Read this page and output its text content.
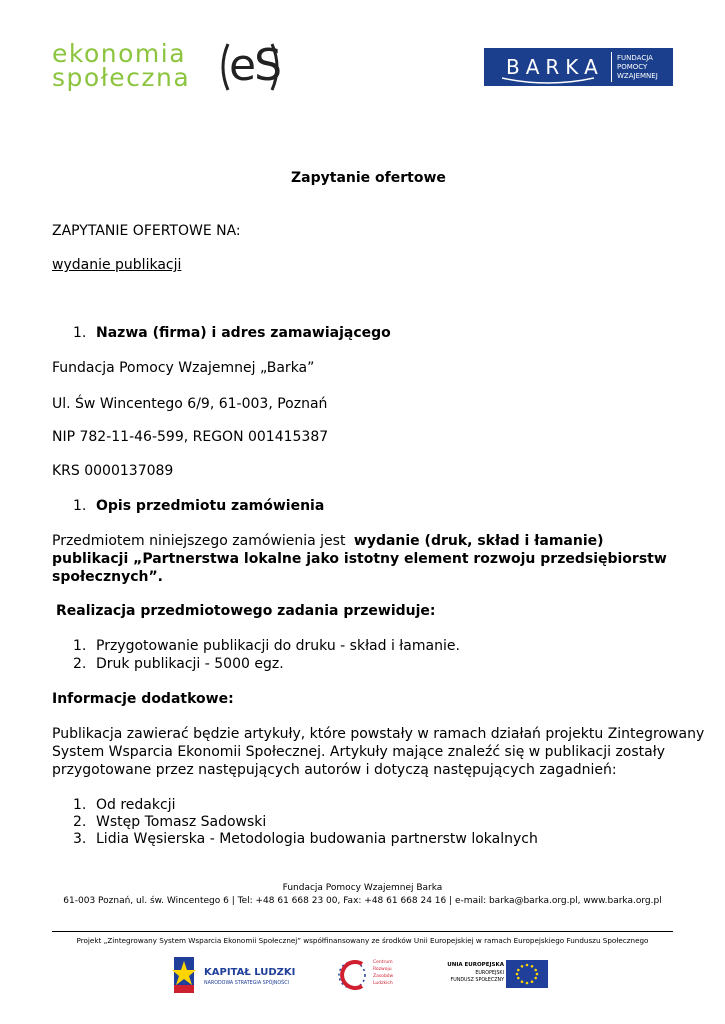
ekonomia
społeczna eS	BARKA FUNDACJA
POMOCY
WZAJEMNEJ
Zapytanie ofertowe
ZAPYTANIE OFERTOWE NA:
wydanie publikacji
1. Nazwa (firma) i adres zamawiającego
Fundacja Pomocy Wzajemnej „Barka”
Ul. Św Wincentego 6/9, 61-003, Poznań
NIP 782-11-46-599, REGON 001415387
KRS 0000137089
1. Opis przedmiotu zamówienia
Przedmiotem niniejszego zamówienia jest wydanie (druk, skład i łamanie)
publikacji „Partnerstwa lokalne jako istotny element rozwoju przedsiębiorstw
społecznych”.
Realizacja przedmiotowego zadania przewiduje:
1. Przygotowanie publikacji do druku - skład i łamanie.
2. Druk publikacji - 5000 egz.
Informacje dodatkowe:
Publikacja zawierać będzie artykuły, które powstały w ramach działań projektu Zintegrowany
System Wsparcia Ekonomii Społecznej. Artykuły mające znaleźć się w publikacji zostały
przygotowane przez następujących autorów i dotyczą następujących zagadnień:
1. Od redakcji
2. Wstęp Tomasz Sadowski
3. Lidia Węsierska - Metodologia budowania partnerstw lokalnych
Fundacja Pomocy Wzajemnej Barka
61-003 Poznań, ul. św. Wincentego 6 | Tel: +48 61 668 23 00, Fax: +48 61 668 24 16 | e-mail: barka@barka.org.pl, www.barka.org.pl
Projekt „Zintegrowany System Wsparcia Ekonomii Społecznej” współfinansowany ze środków Unii Europejskiej w ramach Europejskiego Funduszu Społecznego
KAPITAŁ LUDZKI
NARODOWA STRATEGIA SPÓJNOŚCI
Centrum
Rozwoju
Zasobów
Ludzkich
UNIA EUROPEJSKA
EUROPEJSKI
FUNDUSZ SPOŁECZNY
